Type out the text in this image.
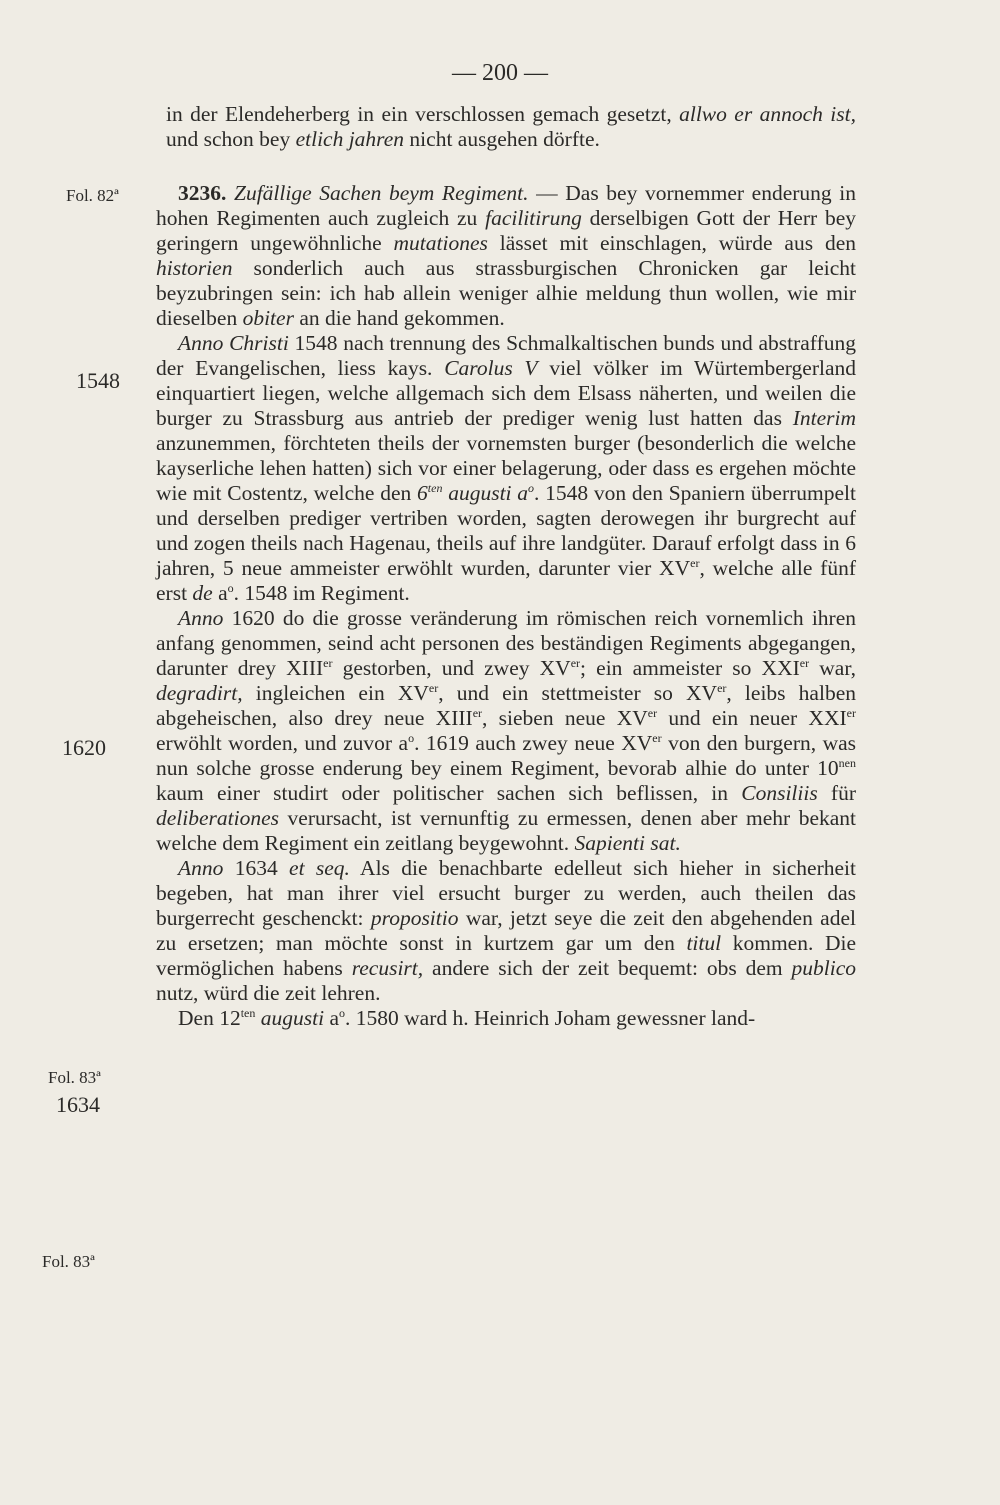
— 200 —
Fol. 82ª
1548
1620
Fol. 83ª
1634
Fol. 83ª

in der Elendeherberg in ein verschlossen gemach gesetzt, allwo er annoch ist, und schon bey etlich jahren nicht ausgehen dörfte.

3236. Zufällige Sachen beym Regiment. — Das bey vornemmer enderung in hohen Regimenten auch zugleich zu facilitirung derselbigen Gott der Herr bey geringern ungewöhnliche mutationes lässet mit einschlagen, würde aus den historien sonderlich auch aus strassburgischen Chronicken gar leicht beyzubringen sein: ich hab allein weniger alhie meldung thun wollen, wie mir dieselben obiter an die hand gekommen.

Anno Christi 1548 nach trennung des Schmalkaltischen bunds und abstraffung der Evangelischen, liess kays. Carolus V viel völker im Würtembergerland einquartiert liegen, welche allgemach sich dem Elsass näherten, und weilen die burger zu Strassburg aus antrieb der prediger wenig lust hatten das Interim anzunemmen, förchteten theils der vornemsten burger (besonderlich die welche kayserliche lehen hatten) sich vor einer belagerung, oder dass es ergehen möchte wie mit Costentz, welche den $6^{ten}$ augusti $a^o$. 1548 von den Spaniern überrumpelt und derselben prediger vertriben worden, sagten derowegen ihr burgrecht auf und zogen theils nach Hagenau, theils auf ihre landgüter. Darauf erfolgt dass in 6 jahren, 5 neue ammeister erwöhlt wurden, darunter vier XVer, welche alle fünf erst de $a^o$. 1548 im Regiment.

Anno 1620 do die grosse veränderung im römischen reich vornemlich ihren anfang genommen, seind acht personen des beständigen Regiments abgegangen, darunter drey XIIIer gestorben, und zwey XVer; ein ammeister so XXIer war, degradirt, ingleichen ein XVer, und ein stettmeister so XVer, leibs halben abgeheischen, also drey neue XIIIer, sieben neue XVer und ein neuer XXIer erwöhlt worden, und zuvor $a^o$. 1619 auch zwey neue XVer von den burgern, was nun solche grosse enderung bey einem Regiment, bevorab alhie do unter $10^{nen}$ kaum einer studirt oder politischer sachen sich beflissen, in Consiliis für deliberationes verursacht, ist vernunftig zu ermessen, denen aber mehr bekant welche dem Regiment ein zeitlang beygewohnt. Sapienti sat.

Anno 1634 et seq. Als die benachbarte edelleut sich hieher in sicherheit begeben, hat man ihrer viel ersucht burger zu werden, auch theilen das burgerrecht geschenckt: propositio war, jetzt seye die zeit den abgehenden adel zu ersetzen; man möchte sonst in kurtzem gar um den titul kommen. Die vermöglichen habens recusirt, andere sich der zeit bequemt: obs dem publico nutz, würd die zeit lehren.

Den $12^{ten}$ augusti $a^o$. 1580 ward h. Heinrich Joham gewessner land-
